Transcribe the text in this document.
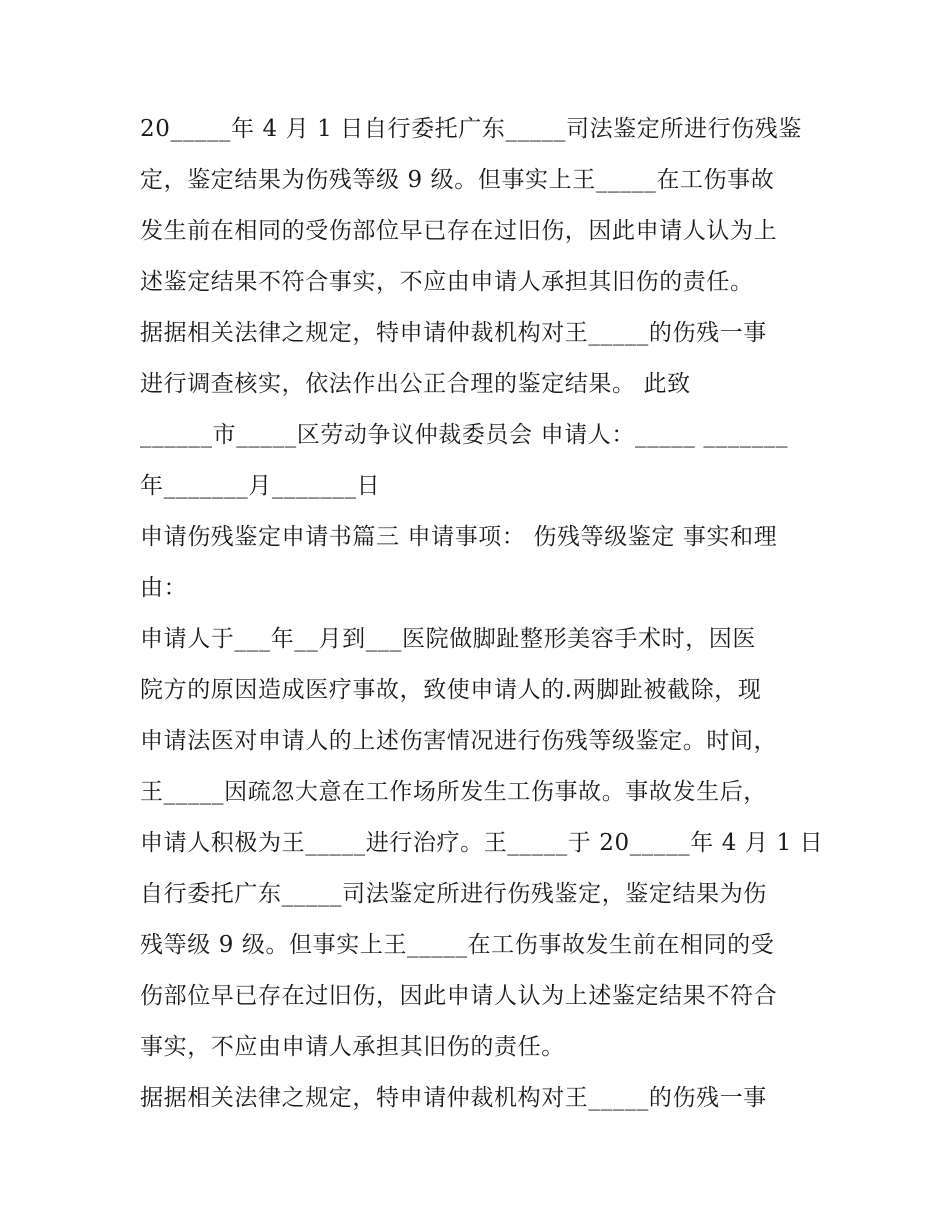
20_____年 4 月 1 日自行委托广东_____司法鉴定所进行伤残鉴

定，鉴定结果为伤残等级 9 级。但事实上王_____在工伤事故

发生前在相同的受伤部位早已存在过旧伤，因此申请人认为上

述鉴定结果不符合事实，不应由申请人承担其旧伤的责任。

据据相关法律之规定，特申请仲裁机构对王_____的伤残一事

进行调查核实，依法作出公正合理的鉴定结果。 此致

______市_____区劳动争议仲裁委员会 申请人：_____ _______

年_______月_______日

申请伤残鉴定申请书篇三 申请事项： 伤残等级鉴定 事实和理

由：

申请人于___年__月到___医院做脚趾整形美容手术时，因医

院方的原因造成医疗事故，致使申请人的.两脚趾被截除，现

申请法医对申请人的上述伤害情况进行伤残等级鉴定。时间，

王_____因疏忽大意在工作场所发生工伤事故。事故发生后，

申请人积极为王_____进行治疗。王_____于 20_____年 4 月 1 日

自行委托广东_____司法鉴定所进行伤残鉴定，鉴定结果为伤

残等级 9 级。但事实上王_____在工伤事故发生前在相同的受

伤部位早已存在过旧伤，因此申请人认为上述鉴定结果不符合

事实，不应由申请人承担其旧伤的责任。

据据相关法律之规定，特申请仲裁机构对王_____的伤残一事
